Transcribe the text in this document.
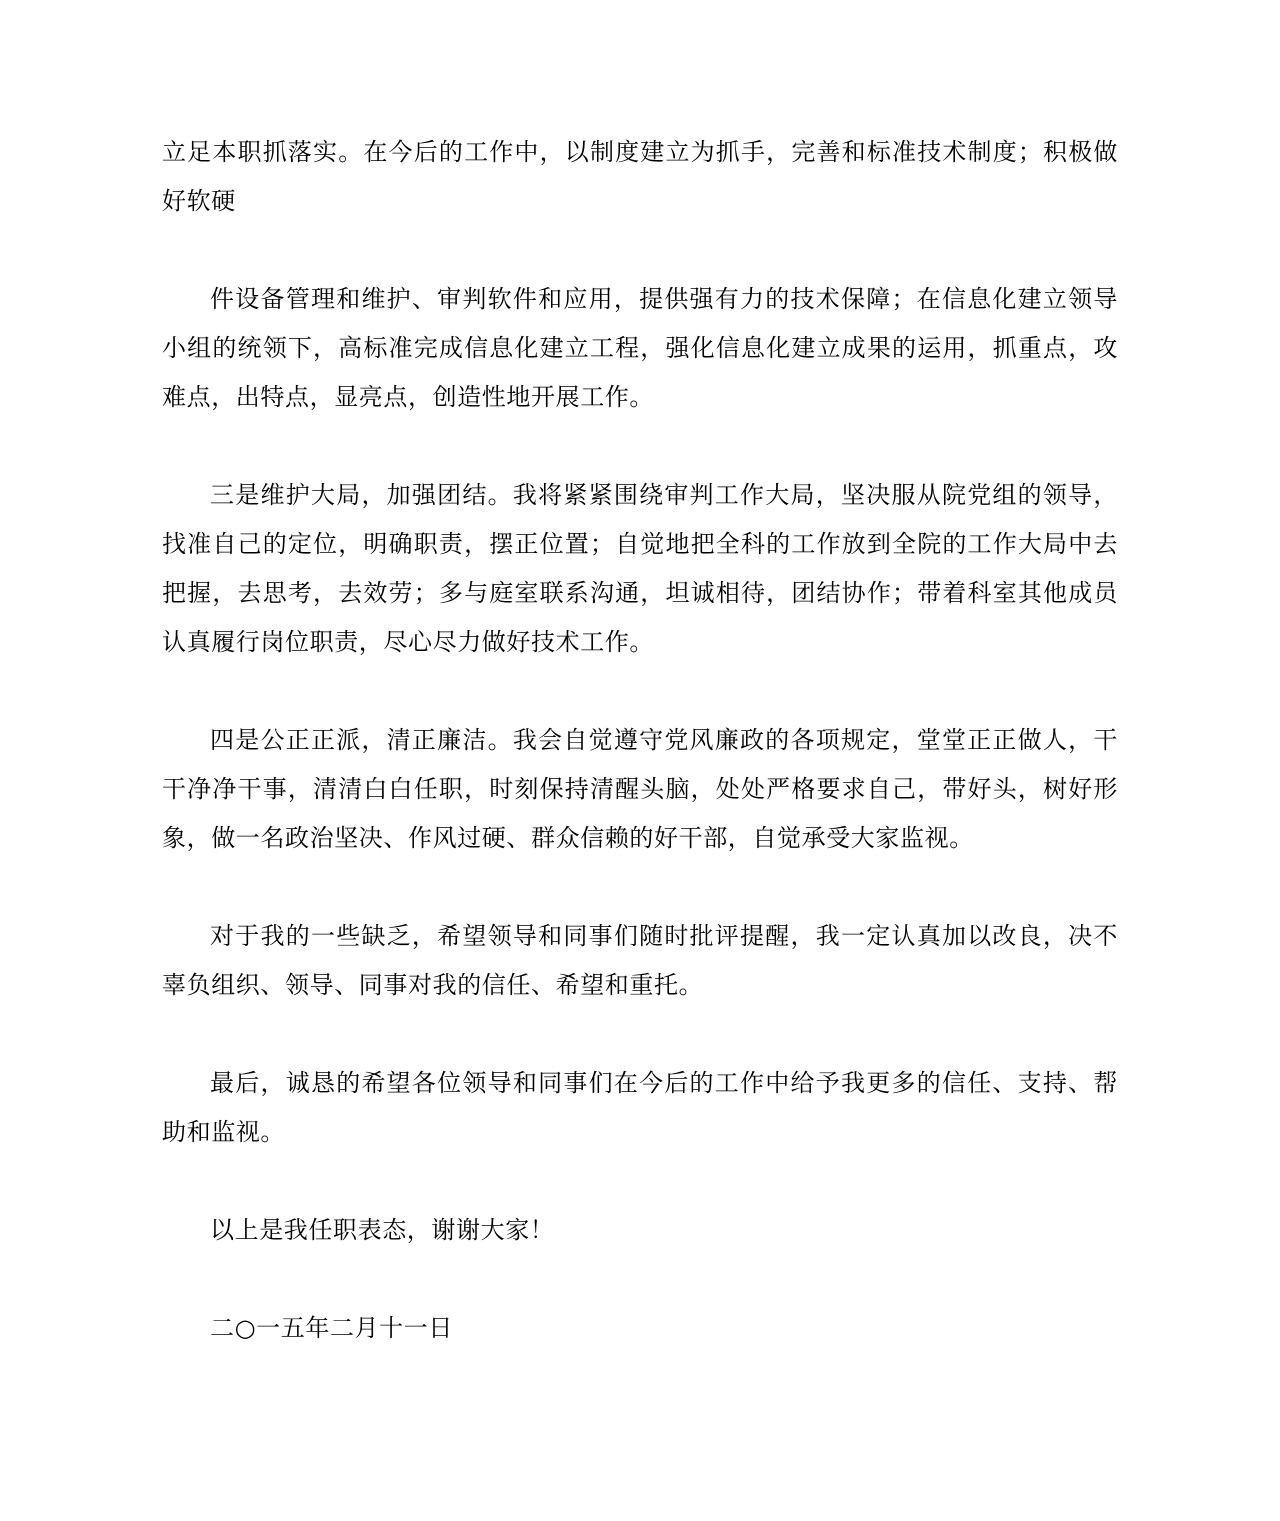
立足本职抓落实。在今后的工作中，以制度建立为抓手，完善和标准技术制度；积极做好软硬

件设备管理和维护、审判软件和应用，提供强有力的技术保障；在信息化建立领导小组的统领下，高标准完成信息化建立工程，强化信息化建立成果的运用，抓重点，攻难点，出特点，显亮点，创造性地开展工作。

三是维护大局，加强团结。我将紧紧围绕审判工作大局，坚决服从院党组的领导，找准自己的定位，明确职责，摆正位置；自觉地把全科的工作放到全院的工作大局中去把握，去思考，去效劳；多与庭室联系沟通，坦诚相待，团结协作；带着科室其他成员认真履行岗位职责，尽心尽力做好技术工作。

四是公正正派，清正廉洁。我会自觉遵守党风廉政的各项规定，堂堂正正做人，干干净净干事，清清白白任职，时刻保持清醒头脑，处处严格要求自己，带好头，树好形象，做一名政治坚决、作风过硬、群众信赖的好干部，自觉承受大家监视。

对于我的一些缺乏，希望领导和同事们随时批评提醒，我一定认真加以改良，决不辜负组织、领导、同事对我的信任、希望和重托。

最后，诚恳的希望各位领导和同事们在今后的工作中给予我更多的信任、支持、帮助和监视。

以上是我任职表态，谢谢大家！

二○一五年二月十一日
